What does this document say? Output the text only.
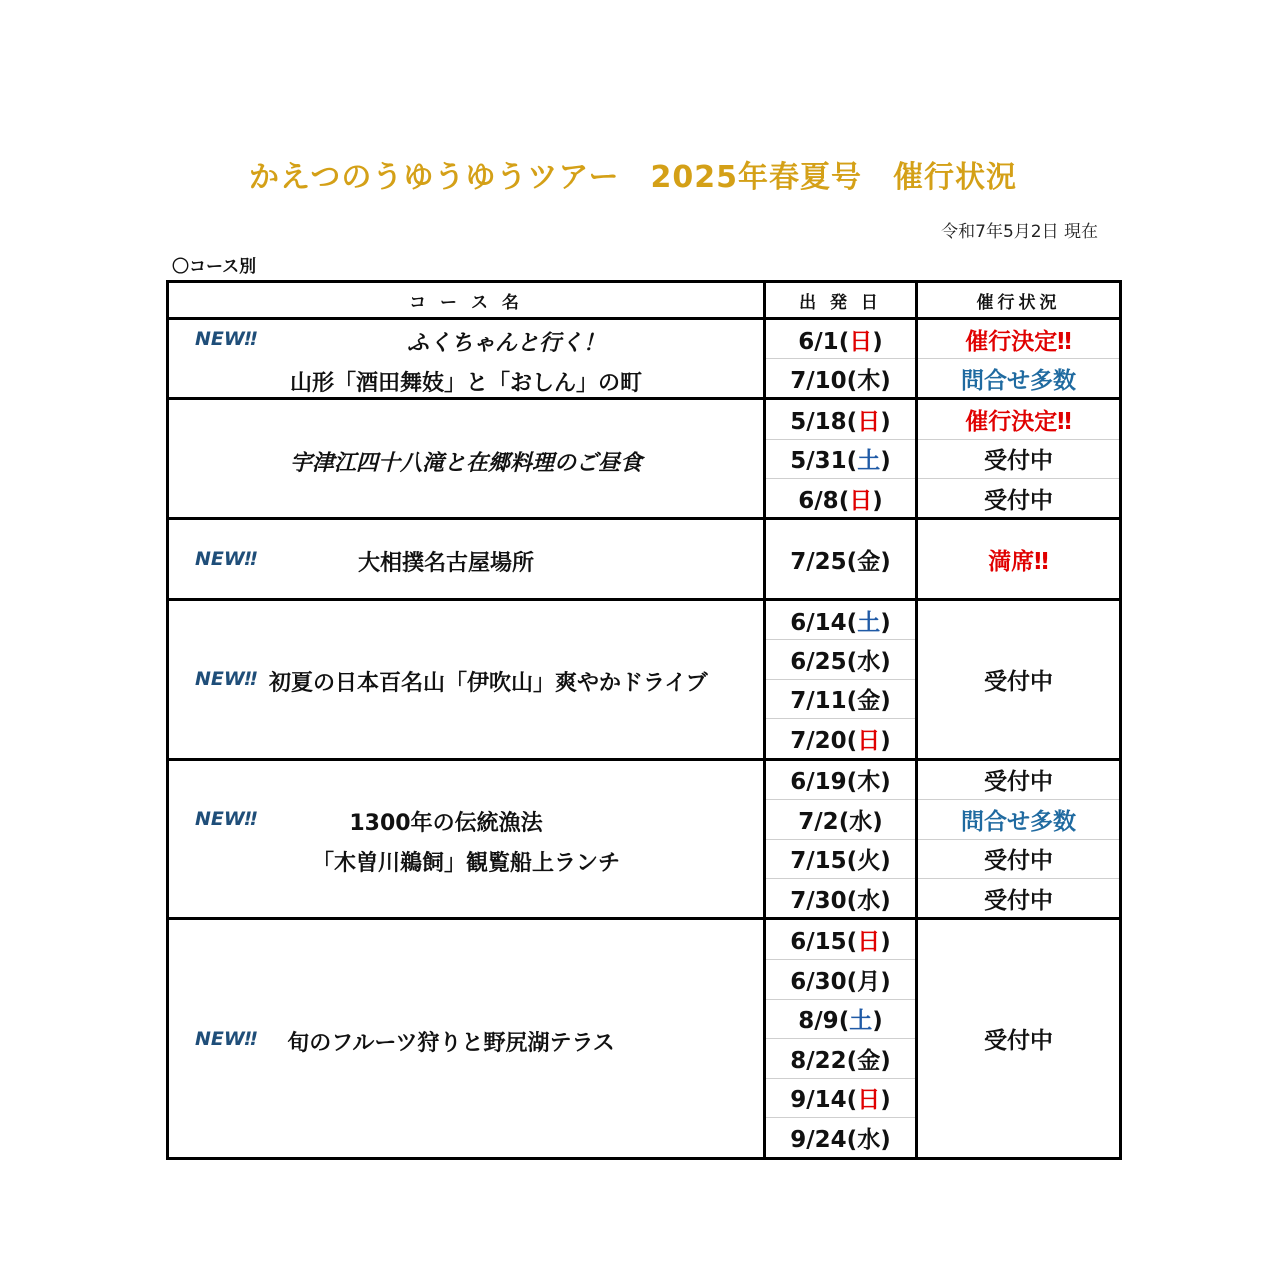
かえつのうゆうゆうツアー　2025年春夏号　催行状況
令和7年5月2日 現在
〇コース別
コ ー ス 名	出 発 日	催行状況

NEW‼ ふくちゃんと行く！
山形「酒田舞妓」と「おしん」の町	6/1(日)	催行決定‼
	7/10(木)	問合せ多数

宇津江四十八滝と在郷料理のご昼食	5/18(日)	催行決定‼
	5/31(土)	受付中
	6/8(日)	受付中

NEW‼ 大相撲名古屋場所	7/25(金)	満席‼

NEW‼ 初夏の日本百名山「伊吹山」爽やかドライブ	6/14(土)	受付中
	6/25(水)	
	7/11(金)	
	7/20(日)	

NEW‼ 1300年の伝統漁法
「木曽川鵜飼」観覧船上ランチ	6/19(木)	受付中
	7/2(水)	問合せ多数
	7/15(火)	受付中
	7/30(水)	受付中

NEW‼ 旬のフルーツ狩りと野尻湖テラス	6/15(日)	受付中
	6/30(月)	
	8/9(土)	
	8/22(金)	
	9/14(日)	
	9/24(水)	
